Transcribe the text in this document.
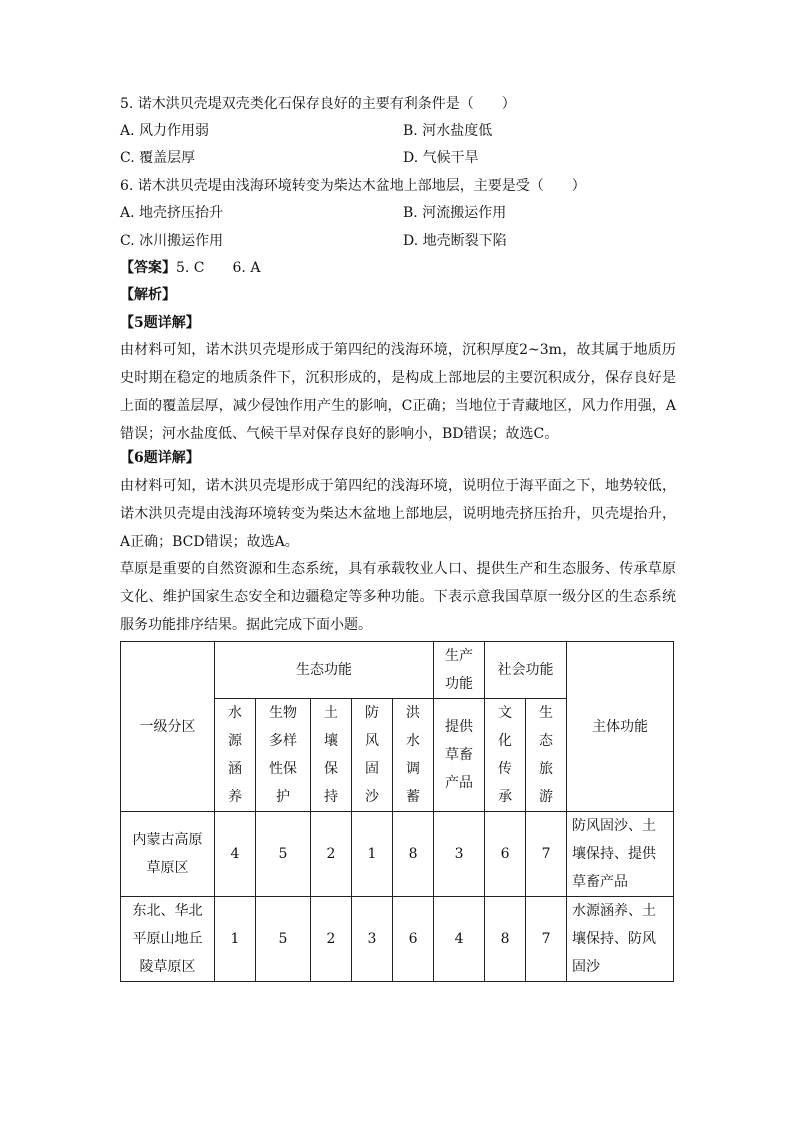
5. 诺木洪贝壳堤双壳类化石保存良好的主要有利条件是（　　）
A. 风力作用弱	B. 河水盐度低
C. 覆盖层厚	D. 气候干旱
6. 诺木洪贝壳堤由浅海环境转变为柴达木盆地上部地层，主要是受（　　）
A. 地壳挤压抬升	B. 河流搬运作用
C. 冰川搬运作用	D. 地壳断裂下陷
【答案】5. C　　6. A
【解析】
【5题详解】
由材料可知，诺木洪贝壳堤形成于第四纪的浅海环境，沉积厚度2~3m，故其属于地质历史时期在稳定的地质条件下，沉积形成的，是构成上部地层的主要沉积成分，保存良好是上面的覆盖层厚，减少侵蚀作用产生的影响，C正确；当地位于青藏地区，风力作用强，A错误；河水盐度低、气候干旱对保存良好的影响小，BD错误；故选C。
【6题详解】
由材料可知，诺木洪贝壳堤形成于第四纪的浅海环境，说明位于海平面之下，地势较低，诺木洪贝壳堤由浅海环境转变为柴达木盆地上部地层，说明地壳挤压抬升，贝壳堤抬升，A正确；BCD错误；故选A。
草原是重要的自然资源和生态系统，具有承载牧业人口、提供生产和生态服务、传承草原文化、维护国家生态安全和边疆稳定等多种功能。下表示意我国草原一级分区的生态系统服务功能排序结果。据此完成下面小题。
一级分区	生态功能					生产功能	社会功能		主体功能
	水源涵养	生物多样性保护	土壤保持	防风固沙	洪水调蓄	提供草畜产品	文化传承	生态旅游	
内蒙古高原草原区	4	5	2	1	8	3	6	7	防风固沙、土壤保持、提供草畜产品
东北、华北平原山地丘陵草原区	1	5	2	3	6	4	8	7	水源涵养、土壤保持、防风固沙
